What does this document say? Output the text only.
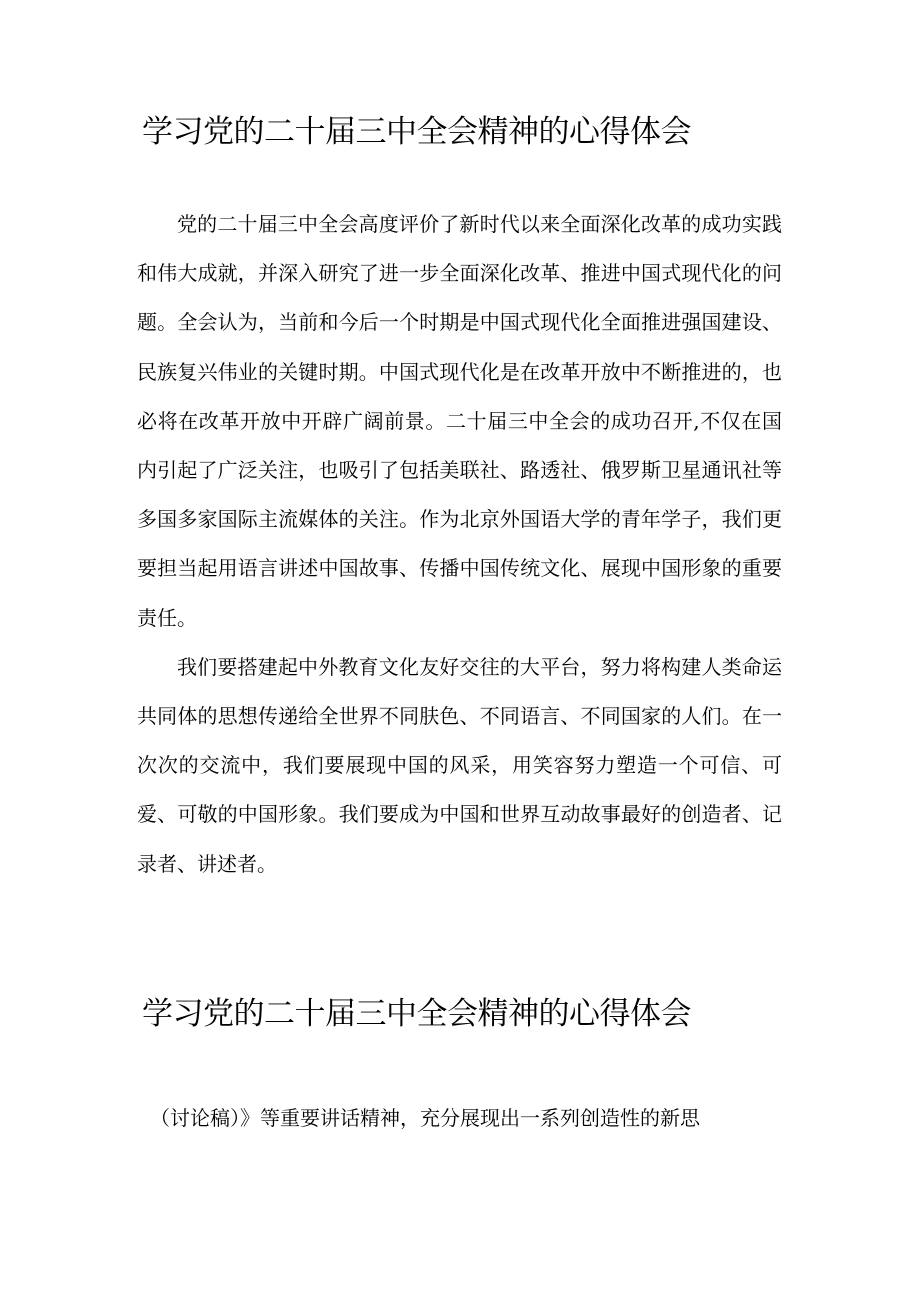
学习党的二十届三中全会精神的心得体会

党的二十届三中全会高度评价了新时代以来全面深化改革的成功实践和伟大成就，并深入研究了进一步全面深化改革、推进中国式现代化的问题。全会认为，当前和今后一个时期是中国式现代化全面推进强国建设、民族复兴伟业的关键时期。中国式现代化是在改革开放中不断推进的，也必将在改革开放中开辟广阔前景。二十届三中全会的成功召开,不仅在国内引起了广泛关注，也吸引了包括美联社、路透社、俄罗斯卫星通讯社等多国多家国际主流媒体的关注。作为北京外国语大学的青年学子，我们更要担当起用语言讲述中国故事、传播中国传统文化、展现中国形象的重要责任。

我们要搭建起中外教育文化友好交往的大平台，努力将构建人类命运共同体的思想传递给全世界不同肤色、不同语言、不同国家的人们。在一次次的交流中，我们要展现中国的风采，用笑容努力塑造一个可信、可爱、可敬的中国形象。我们要成为中国和世界互动故事最好的创造者、记录者、讲述者。

学习党的二十届三中全会精神的心得体会

（讨论稿）》等重要讲话精神，充分展现出一系列创造性的新思
